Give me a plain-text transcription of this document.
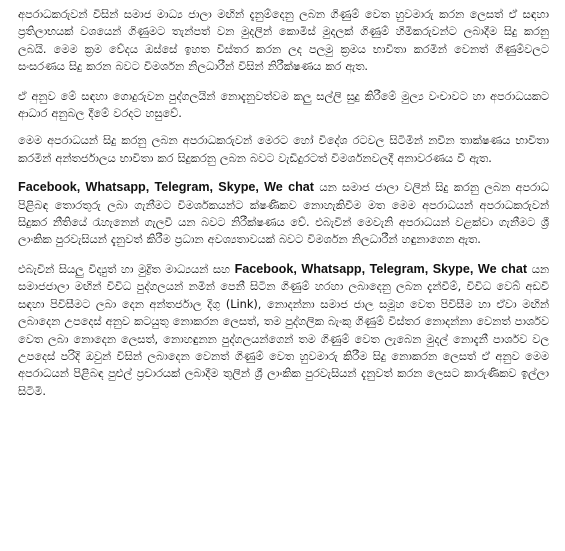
අපරාධකරුවන් විසින් සමාජ මාධ්‍ය ජාලා මඟින් දැනුම්දෙනු ලබන ගිණුම් වෙත හුවමාරු කරන ලෙසත් ඒ සඳහා ප්‍රතිලාභයක් වශයෙන් ගිණුමට තැන්පත් වන මුදලින් කොමිස් මුදලක් ගිණුම් හිමිකරුවන්ට ලබාදීම සිදු කරනු ලබයි. මෙම ක්‍රම වේදය ඔස්සේ ඉහත විස්තර කරන ලද පලමු ක්‍රමය භාවිතා කරමින් වෙනත් ගිණුම්වලට සංසරණය සිදු කරන බවට විමර්ශන නිලධාරීන් විසින් නිරීක්ෂණය කර ඇත.

ඒ අනුව මේ සඳහා ගොදුරුවන පුද්ගලයින් නොදැනුවත්වම කලු සල්ලි සුදු කිරීමේ මුල්‍ය වංචාවට හා අපරාධයකට ආධාර අනුබල දීමේ වරදට හසුවේ.

මෙම අපරාධයන් සිදු කරනු ලබන අපරාධකරුවන් මෙරට හෝ විදේශ රටවල සිටිමින් නවීන තාක්ෂණය භාවිතා කරමින් අන්තර්ජාලය භාවිතා කර සිදුකරනු ලබන බවට වැඩිදුරටත් විමර්ශනවලදී අනාවරණය වී ඇත.

Facebook, Whatsapp, Telegram, Skype, We chat යන සමාජ ජාලා වලින් සිදු කරනු ලබන අපරාධ පිළිබඳ තොරතුරු ලබා ගැනීමට විමර්ශකයන්ට ක්ෂණිකව නොහැකිවීම මත මෙම අපරාධයන් අපරාධකරුවන් සිදුකර නීතියේ රැහැනෙන් ගැලවී යන බවට නිරීක්ෂණය වේ. එබැවින් මෙවැනි අපරාධයන් වළක්වා ගැනීමට ශ්‍රී ලාංකික පුරවැසියන් දැනුවත් කිරීම ප්‍රධාන අවශ්‍යතාවයක් බවට විමර්ශන නිලධාරීන් හඳුනාගෙන ඇත.

එබැවින් සියලු විද්‍යුත් හා මුද්‍රිත මාධ්‍යයන් සහ Facebook, Whatsapp, Telegram, Skype, We chat යන සමාජජාලා මඟින් විවිධ පුද්ගලයන් නමින් පෙනී සිටින ගිණුම් හරහා ලබාදෙනු ලබන දැන්වීම්, විවිධ වෙබ් අඩවි සඳහා පිවිසීමට ලබා දෙන අන්තර්ජාල දිගු (Link), නොදන්නා සමාජ ජාල සමූහ වෙත පිවිසීම හා ඒවා මඟින් ලබාදෙන උපදෙස් අනුව කටයුතු නොකරන ලෙසත්, තම පුද්ගලික බැංකු ගිණුම් විස්තර නොදන්නා වෙනත් පාර්ශව වෙත ලබා නොදෙන ලෙසත්, නොහඳුනන පුද්ගලයන්ගෙන් තම ගිණුම් වෙත ලැබෙන මුදල් නොදැනී පාර්ශව වල උපදෙස් පරිදි ඔවුන් විසින් ලබාදෙන වෙනත් ගිණුම් වෙත හුවමාරු කිරීම සිදු නොකරන ලෙසත් ඒ අනුව මෙම අපරාධයන් පිළිබඳ පුළුල් ප්‍රචාරයක් ලබාදීම තුලින් ශ්‍රී ලාංකික පුරවැසියන් දැනුවත් කරන ලෙසට කාරුණිකව ඉල්ලා සිටිමි.
